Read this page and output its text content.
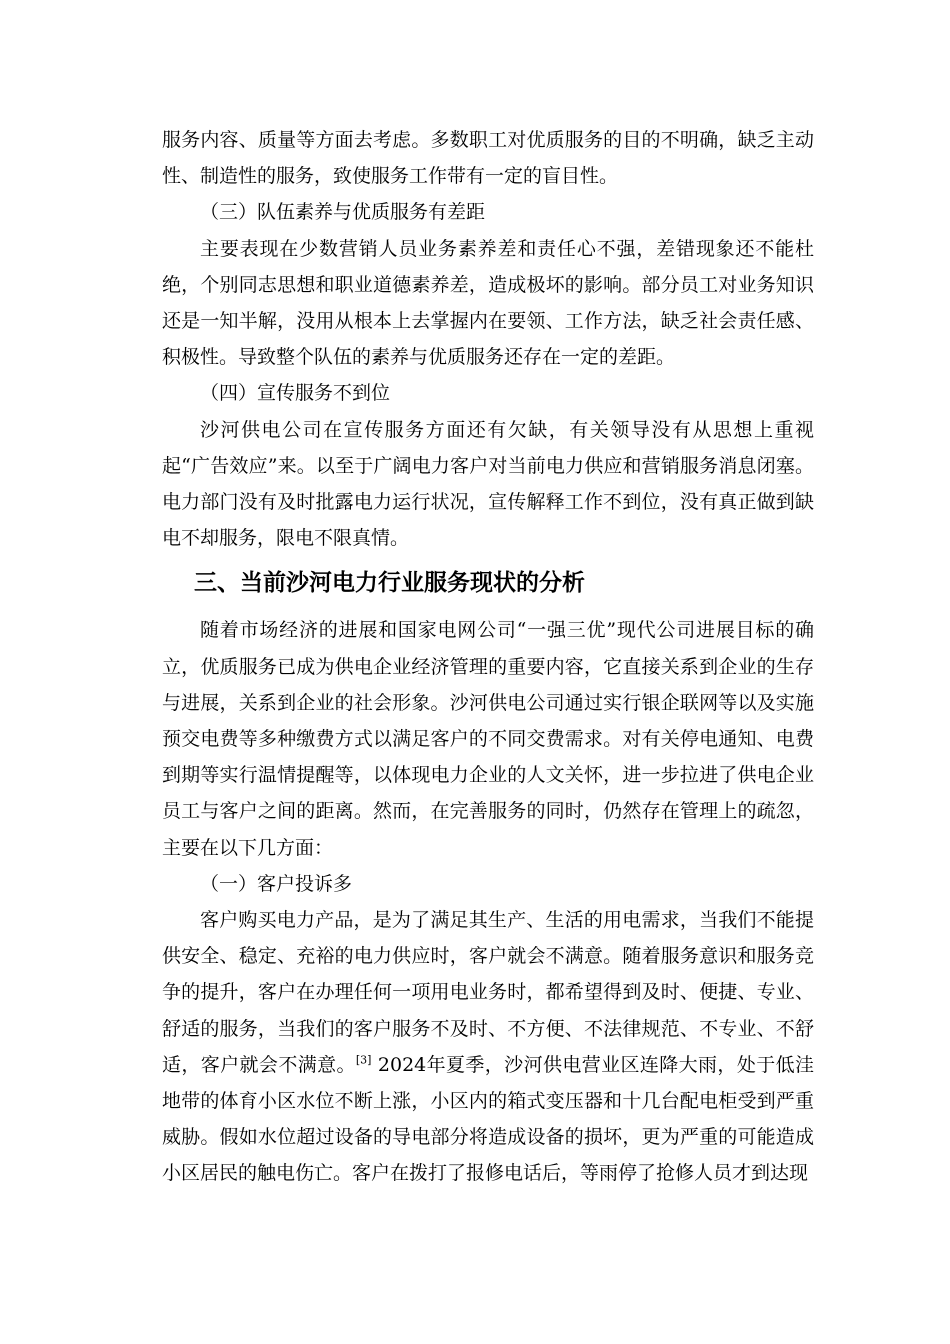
服务内容、质量等方面去考虑。多数职工对优质服务的目的不明确，缺乏主动性、制造性的服务，致使服务工作带有一定的盲目性。

（三）队伍素养与优质服务有差距

主要表现在少数营销人员业务素养差和责任心不强，差错现象还不能杜绝，个别同志思想和职业道德素养差，造成极坏的影响。部分员工对业务知识还是一知半解，没用从根本上去掌握内在要领、工作方法，缺乏社会责任感、积极性。导致整个队伍的素养与优质服务还存在一定的差距。

（四）宣传服务不到位

沙河供电公司在宣传服务方面还有欠缺，有关领导没有从思想上重视起“广告效应”来。以至于广阔电力客户对当前电力供应和营销服务消息闭塞。电力部门没有及时批露电力运行状况，宣传解释工作不到位，没有真正做到缺电不却服务，限电不限真情。

三、当前沙河电力行业服务现状的分析

随着市场经济的进展和国家电网公司“一强三优”现代公司进展目标的确立，优质服务已成为供电企业经济管理的重要内容，它直接关系到企业的生存与进展，关系到企业的社会形象。沙河供电公司通过实行银企联网等以及实施预交电费等多种缴费方式以满足客户的不同交费需求。对有关停电通知、电费到期等实行温情提醒等，以体现电力企业的人文关怀，进一步拉进了供电企业员工与客户之间的距离。然而，在完善服务的同时，仍然存在管理上的疏忽，主要在以下几方面：

（一）客户投诉多

客户购买电力产品，是为了满足其生产、生活的用电需求，当我们不能提供安全、稳定、充裕的电力供应时，客户就会不满意。随着服务意识和服务竞争的提升，客户在办理任何一项用电业务时，都希望得到及时、便捷、专业、舒适的服务，当我们的客户服务不及时、不方便、不法律规范、不专业、不舒适，客户就会不满意。[3] 2024年夏季，沙河供电营业区连降大雨，处于低洼地带的体育小区水位不断上涨，小区内的箱式变压器和十几台配电柜受到严重威胁。假如水位超过设备的导电部分将造成设备的损坏，更为严重的可能造成小区居民的触电伤亡。客户在拨打了报修电话后，等雨停了抢修人员才到达现
